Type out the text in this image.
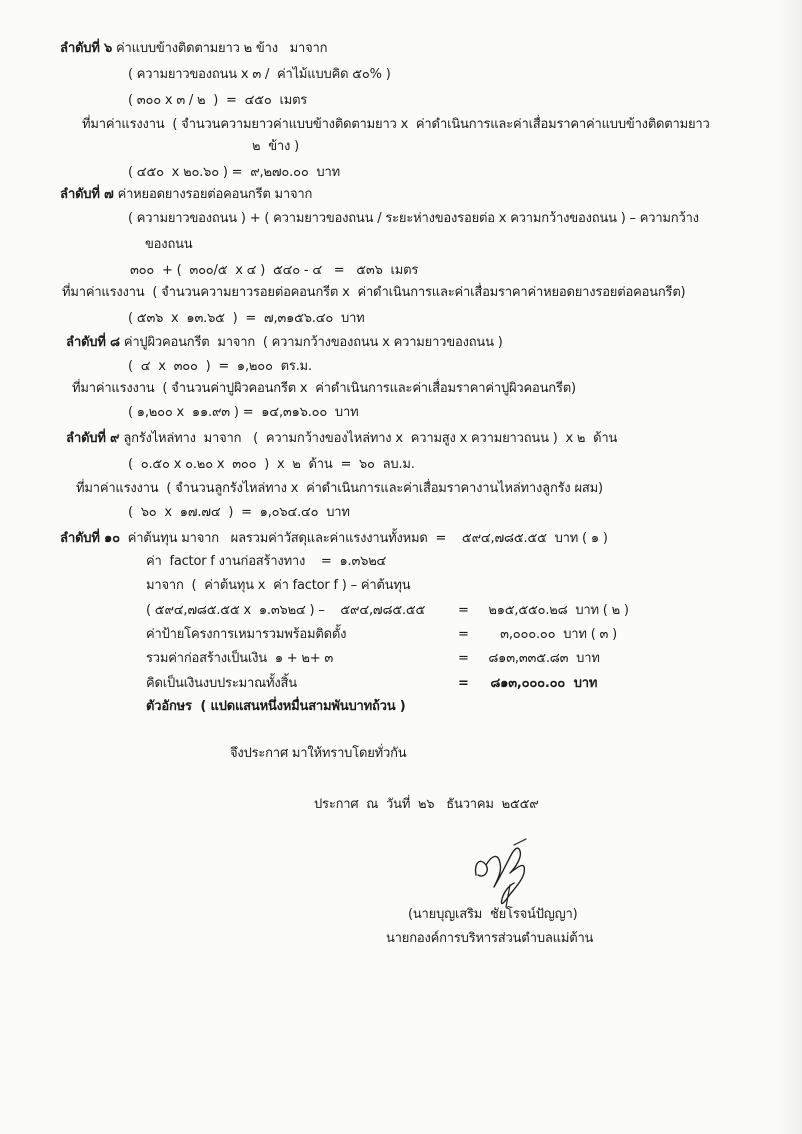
ลำดับที่ ๖ ค่าแบบข้างติดตามยาว ๒ ข้าง   มาจาก
( ความยาวของถนน x ๓ /  ค่าไม้แบบคิด ๕๐% )
( ๓๐๐ x ๓ / ๒  )  =  ๔๕๐  เมตร
ที่มาค่าแรงงาน  ( จำนวนความยาวค่าแบบข้างติดตามยาว x  ค่าดำเนินการและค่าเสื่อมราคาค่าแบบข้างติดตามยาว
๒  ข้าง )
( ๔๕๐  x ๒๐.๖๐ ) =  ๙,๒๗๐.๐๐  บาท
ลำดับที่ ๗ ค่าหยอดยางรอยต่อคอนกรีต มาจาก
( ความยาวของถนน ) + ( ความยาวของถนน / ระยะห่างของรอยต่อ x ความกว้างของถนน ) – ความกว้าง
ของถนน
๓๐๐  + (  ๓๐๐/๕  x ๔ )  ๕๔๐ - ๔   =   ๕๓๖  เมตร
ที่มาค่าแรงงาน  ( จำนวนความยาวรอยต่อคอนกรีต x  ค่าดำเนินการและค่าเสื่อมราคาค่าหยอดยางรอยต่อคอนกรีต)
( ๕๓๖  x  ๑๓.๖๕  )  =  ๗,๓๑๕๖.๔๐  บาท
ลำดับที่ ๘ ค่าปูผิวคอนกรีต  มาจาก  ( ความกว้างของถนน x ความยาวของถนน )
(  ๔  x  ๓๐๐  )  =  ๑,๒๐๐  ตร.ม.
ที่มาค่าแรงงาน  ( จำนวนค่าปูผิวคอนกรีต x  ค่าดำเนินการและค่าเสื่อมราคาค่าปูผิวคอนกรีต)
( ๑,๒๐๐ x  ๑๑.๙๓ ) =  ๑๔,๓๑๖.๐๐  บาท
ลำดับที่ ๙ ลูกรังไหล่ทาง  มาจาก   (  ความกว้างของไหล่ทาง x  ความสูง x ความยาวถนน )  x ๒  ด้าน
(  ๐.๕๐ x ๐.๒๐ x  ๓๐๐  )  x  ๒  ด้าน  =  ๖๐  ลบ.ม.
ที่มาค่าแรงงาน  ( จำนวนลูกรังไหล่ทาง x  ค่าดำเนินการและค่าเสื่อมราคางานไหล่ทางลูกรัง ผสม)
(  ๖๐  x  ๑๗.๗๔  )  =  ๑,๐๖๔.๔๐  บาท
ลำดับที่ ๑๐  ค่าต้นทุน มาจาก   ผลรวมค่าวัสดุและค่าแรงงานทั้งหมด  =    ๕๙๔,๗๘๕.๕๕  บาท ( ๑ )
ค่า  factor f งานก่อสร้างทาง    =  ๑.๓๖๒๔
มาจาก  (  ค่าต้นทุน x  ค่า factor f ) – ค่าต้นทุน
( ๕๙๔,๗๘๕.๕๕ x  ๑.๓๖๒๔ ) –    ๕๙๔,๗๘๕.๕๕	=     ๒๑๕,๕๕๐.๒๘  บาท ( ๒ )
ค่าป้ายโครงการเหมารวมพร้อมติดตั้ง	=        ๓,๐๐๐.๐๐  บาท ( ๓ )
รวมค่าก่อสร้างเป็นเงิน  ๑ + ๒+ ๓	=     ๘๑๓,๓๓๕.๘๓  บาท
คิดเป็นเงินงบประมาณทั้งสิ้น	=     ๘๑๓,๐๐๐.๐๐  บาท
ตัวอักษร  ( แปดแสนหนึ่งหมื่นสามพันบาทถ้วน )
จึงประกาศ มาให้ทราบโดยทั่วกัน
ประกาศ  ณ  วันที่  ๒๖   ธันวาคม  ๒๕๕๙
(นายบุญเสริม  ชัยโรจน์ปัญญา)
นายกองค์การบริหารส่วนตำบลแม่ต้าน
